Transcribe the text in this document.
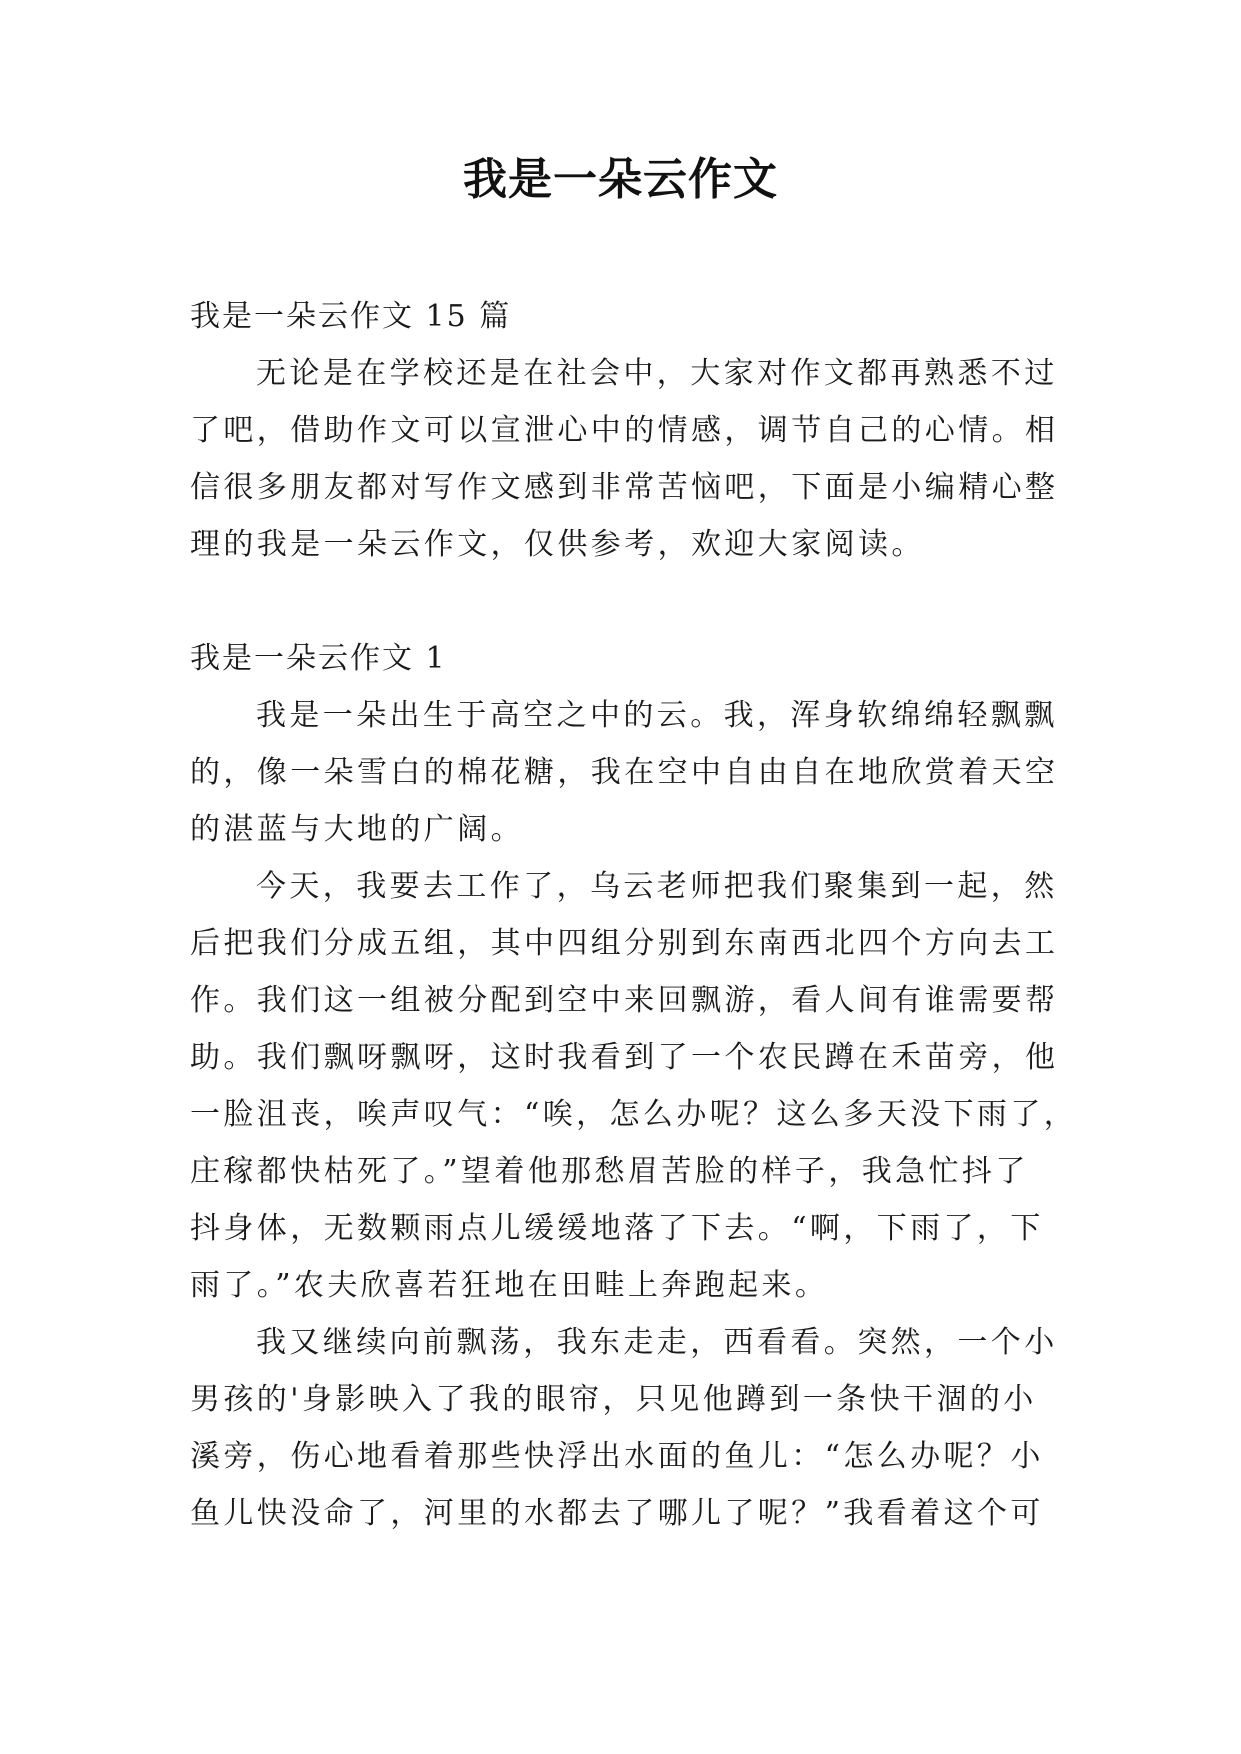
我是一朵云作文
我是一朵云作文 15 篇
无论是在学校还是在社会中，大家对作文都再熟悉不过
了吧，借助作文可以宣泄心中的情感，调节自己的心情。相
信很多朋友都对写作文感到非常苦恼吧，下面是小编精心整
理的我是一朵云作文，仅供参考，欢迎大家阅读。
我是一朵云作文 1
我是一朵出生于高空之中的云。我，浑身软绵绵轻飘飘
的，像一朵雪白的棉花糖，我在空中自由自在地欣赏着天空
的湛蓝与大地的广阔。
今天，我要去工作了，乌云老师把我们聚集到一起，然
后把我们分成五组，其中四组分别到东南西北四个方向去工
作。我们这一组被分配到空中来回飘游，看人间有谁需要帮
助。我们飘呀飘呀，这时我看到了一个农民蹲在禾苗旁，他
一脸沮丧，唉声叹气：“唉，怎么办呢？这么多天没下雨了，
庄稼都快枯死了。”望着他那愁眉苦脸的样子，我急忙抖了
抖身体，无数颗雨点儿缓缓地落了下去。“啊，下雨了，下
雨了。”农夫欣喜若狂地在田畦上奔跑起来。
我又继续向前飘荡，我东走走，西看看。突然，一个小
男孩的'身影映入了我的眼帘，只见他蹲到一条快干涸的小
溪旁，伤心地看着那些快浮出水面的鱼儿：“怎么办呢？小
鱼儿快没命了，河里的水都去了哪儿了呢？”我看着这个可
